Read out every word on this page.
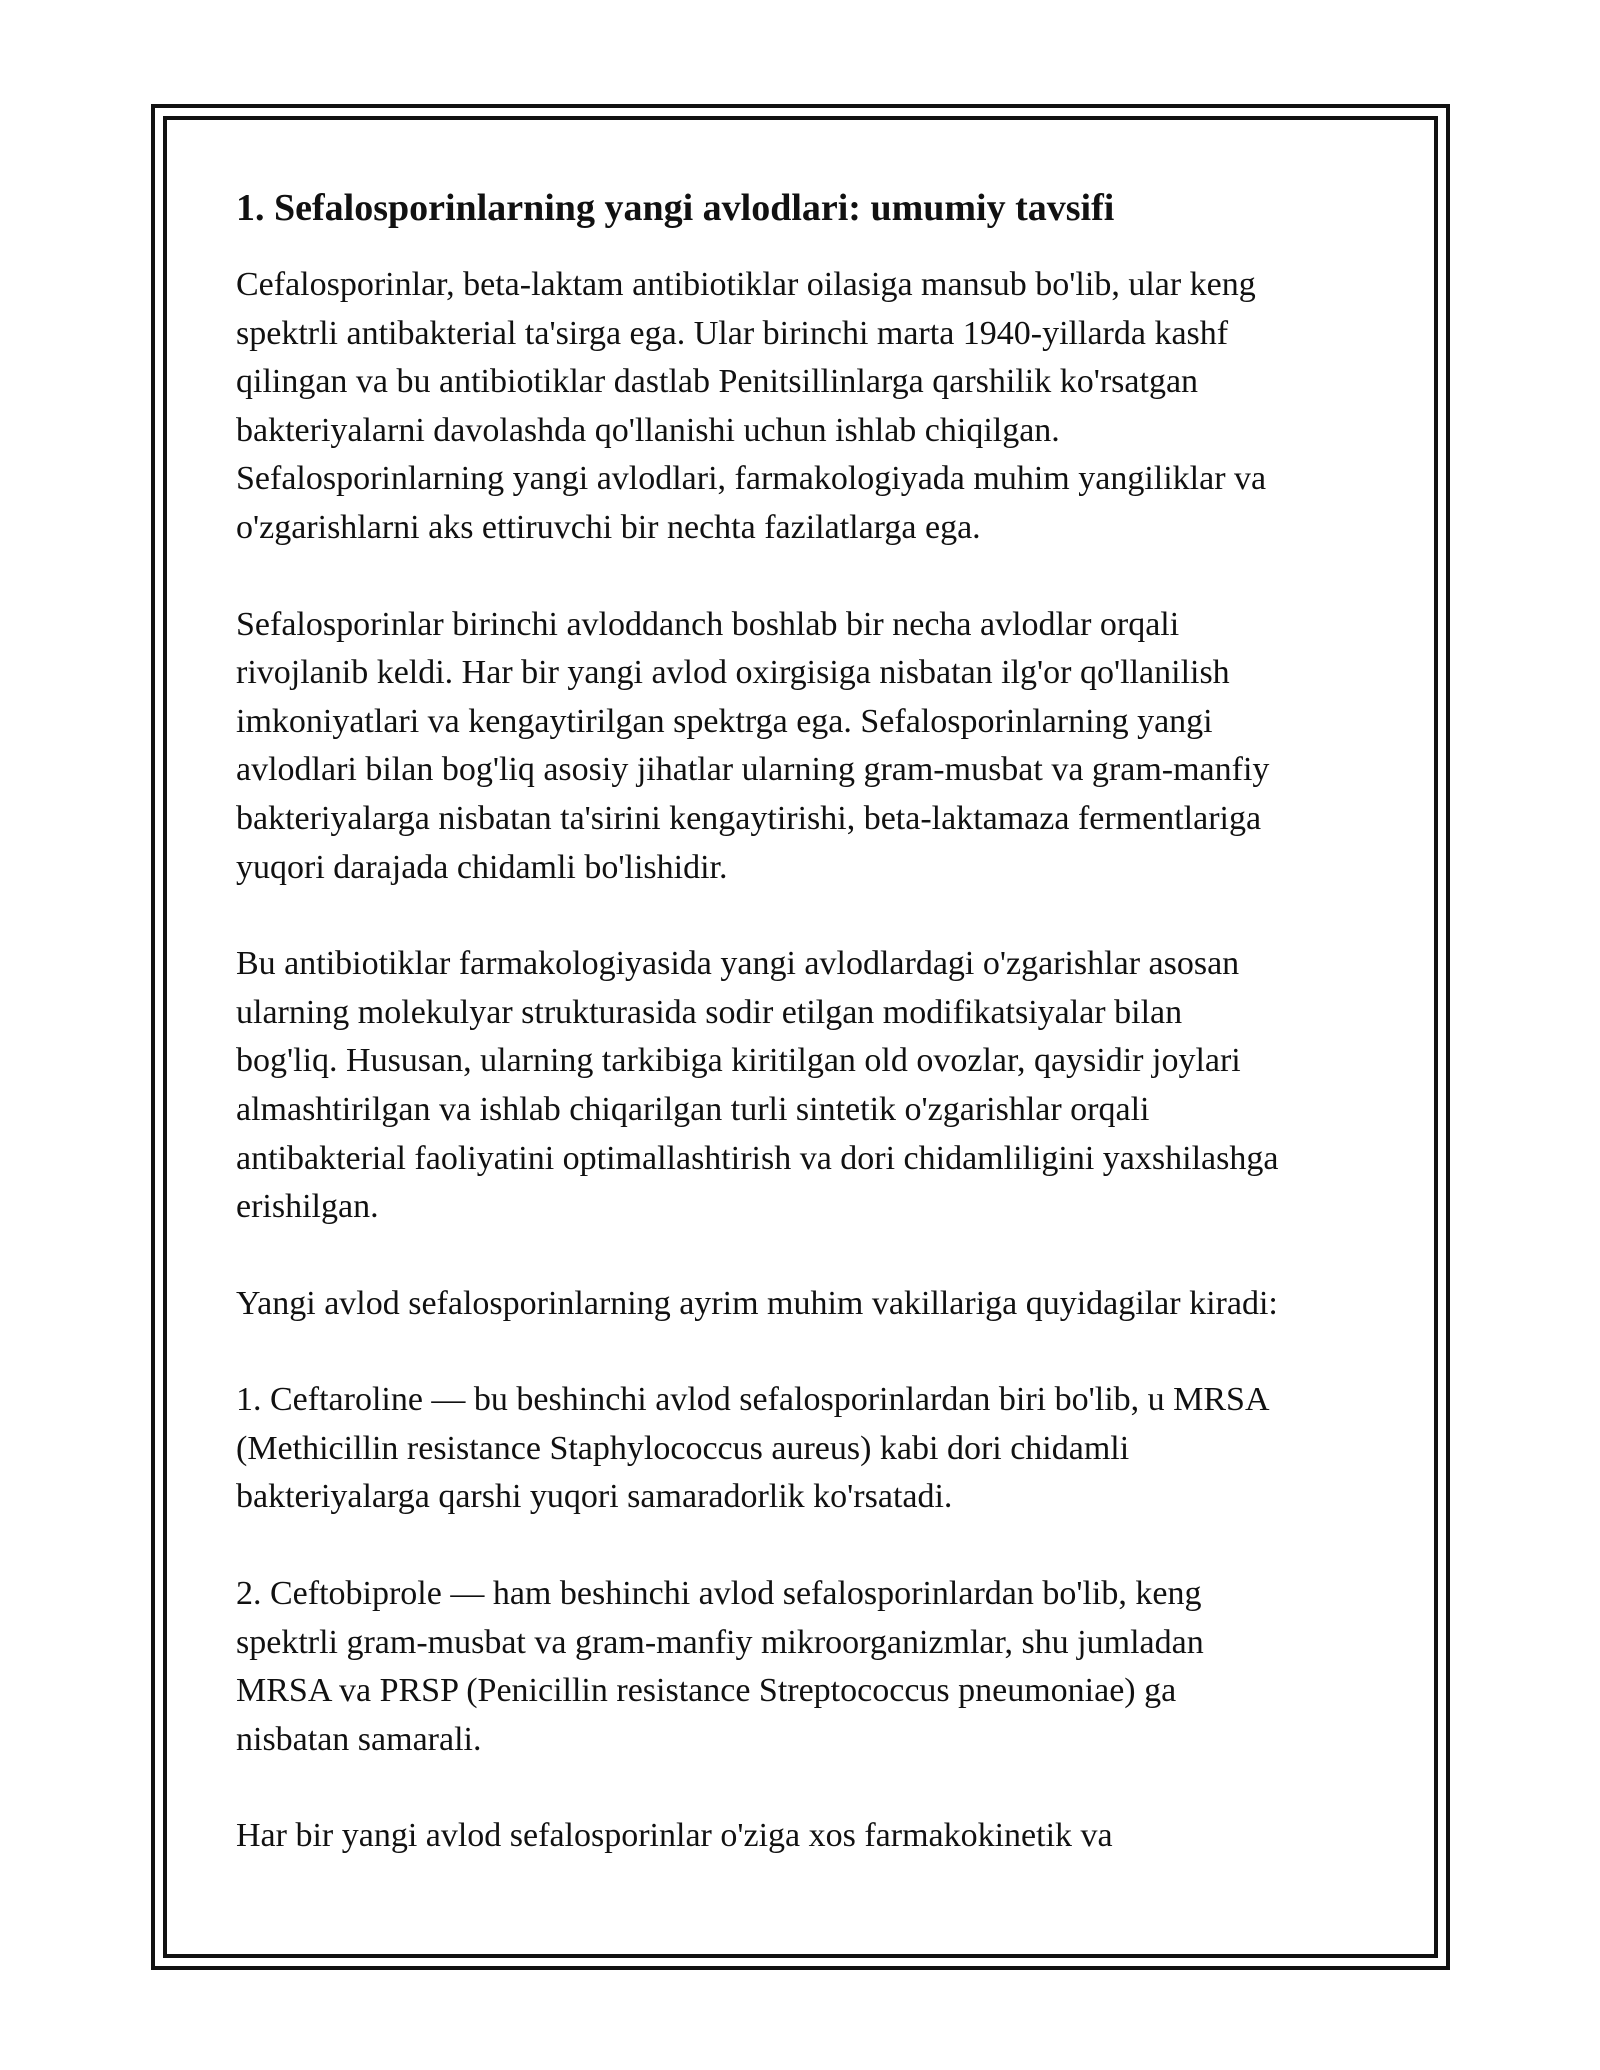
1. Sefalosporinlarning yangi avlodlari: umumiy tavsifi

Cefalosporinlar, beta-laktam antibiotiklar oilasiga mansub bo'lib, ular keng
spektrli antibakterial ta'sirga ega. Ular birinchi marta 1940-yillarda kashf
qilingan va bu antibiotiklar dastlab Penitsillinlarga qarshilik ko'rsatgan
bakteriyalarni davolashda qo'llanishi uchun ishlab chiqilgan.
Sefalosporinlarning yangi avlodlari, farmakologiyada muhim yangiliklar va
o'zgarishlarni aks ettiruvchi bir nechta fazilatlarga ega.

Sefalosporinlar birinchi avloddanch boshlab bir necha avlodlar orqali
rivojlanib keldi. Har bir yangi avlod oxirgisiga nisbatan ilg'or qo'llanilish
imkoniyatlari va kengaytirilgan spektrga ega. Sefalosporinlarning yangi
avlodlari bilan bog'liq asosiy jihatlar ularning gram-musbat va gram-manfiy
bakteriyalarga nisbatan ta'sirini kengaytirishi, beta-laktamaza fermentlariga
yuqori darajada chidamli bo'lishidir.

Bu antibiotiklar farmakologiyasida yangi avlodlardagi o'zgarishlar asosan
ularning molekulyar strukturasida sodir etilgan modifikatsiyalar bilan
bog'liq. Hususan, ularning tarkibiga kiritilgan old ovozlar, qaysidir joylari
almashtirilgan va ishlab chiqarilgan turli sintetik o'zgarishlar orqali
antibakterial faoliyatini optimallashtirish va dori chidamliligini yaxshilashga
erishilgan.

Yangi avlod sefalosporinlarning ayrim muhim vakillariga quyidagilar kiradi:

1. Ceftaroline — bu beshinchi avlod sefalosporinlardan biri bo'lib, u MRSA
(Methicillin resistance Staphylococcus aureus) kabi dori chidamli
bakteriyalarga qarshi yuqori samaradorlik ko'rsatadi.

2. Ceftobiprole — ham beshinchi avlod sefalosporinlardan bo'lib, keng
spektrli gram-musbat va gram-manfiy mikroorganizmlar, shu jumladan
MRSA va PRSP (Penicillin resistance Streptococcus pneumoniae) ga
nisbatan samarali.

Har bir yangi avlod sefalosporinlar o'ziga xos farmakokinetik va
